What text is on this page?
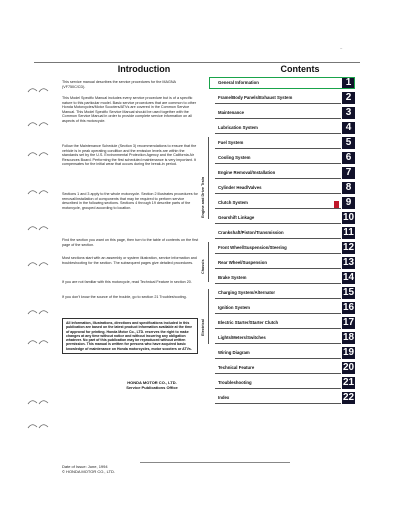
~
Introduction	Contents

This service manual describes the service procedures for the MAGNA (VF750C/CD).

This Model Specific Manual includes every service procedure but is of a specific nature to this particular model. Basic service procedures that are common to other Honda Motorcycles/Motor Scooters/ATVs are covered in the Common Service Manual. This Model Specific Service Manual should be used together with the Common Service Manual in order to provide complete service information on all aspects of this motorcycle.

Follow the Maintenance Schedule (Section 3) recommendations to ensure that the vehicle is in peak operating condition and the emission levels are within the standards set by the U.S. Environmental Protection Agency and the California Air Resources Board. Performing the first scheduled maintenance is very important. It compensates for the initial wear that occurs during the break-in period.

Sections 1 and 3 apply to the whole motorcycle. Section 2 illustrates procedures for removal/installation of components that may be required to perform service described in the following sections. Sections 4 through 19 describe parts of the motorcycle, grouped according to location.

Find the section you want on this page, then turn to the table of contents on the first page of the section.

Most sections start with an assembly or system illustration, service information and troubleshooting for the section. The subsequent pages give detailed procedures.

If you are not familiar with this motorcycle, read Technical Feature in section 20.

If you don't know the source of the trouble, go to section 21 Troubleshooting.

All information, illustrations, directions and specifications included in this publication are based on the latest product information available at the time of approval for printing. Honda Motor Co., LTD. reserves the right to make changes at any time without notice and without incurring any obligation whatever. No part of this publication may be reproduced without written permission. This manual is written for persons who have acquired basic knowledge of maintenance on Honda motorcycles, motor scooters or ATVs.
HONDA MOTOR CO., LTD.
Service Publications Office
Date of Issue: June, 1994
© HONDA MOTOR CO., LTD.
General Information	1
Frame/Body Panels/Exhaust System	2
Maintenance	3
Lubrication System	4
Fuel System	5
Cooling System	6
Engine Removal/Installation	7
Cylinder Head/Valves	8
Clutch System	9
Gearshift Linkage	10
Crankshaft/Piston/Transmission	11
Front Wheel/Suspension/Steering	12
Rear Wheel/Suspension	13
Brake System	14
Charging System/Alternator	15
Ignition System	16
Electric Starter/Starter Clutch	17
Lights/Meters/Switches	18
Wiring Diagram	19
Technical Feature	20
Troubleshooting	21
Index	22
Engine and Drive Train
Chassis
Electrical
